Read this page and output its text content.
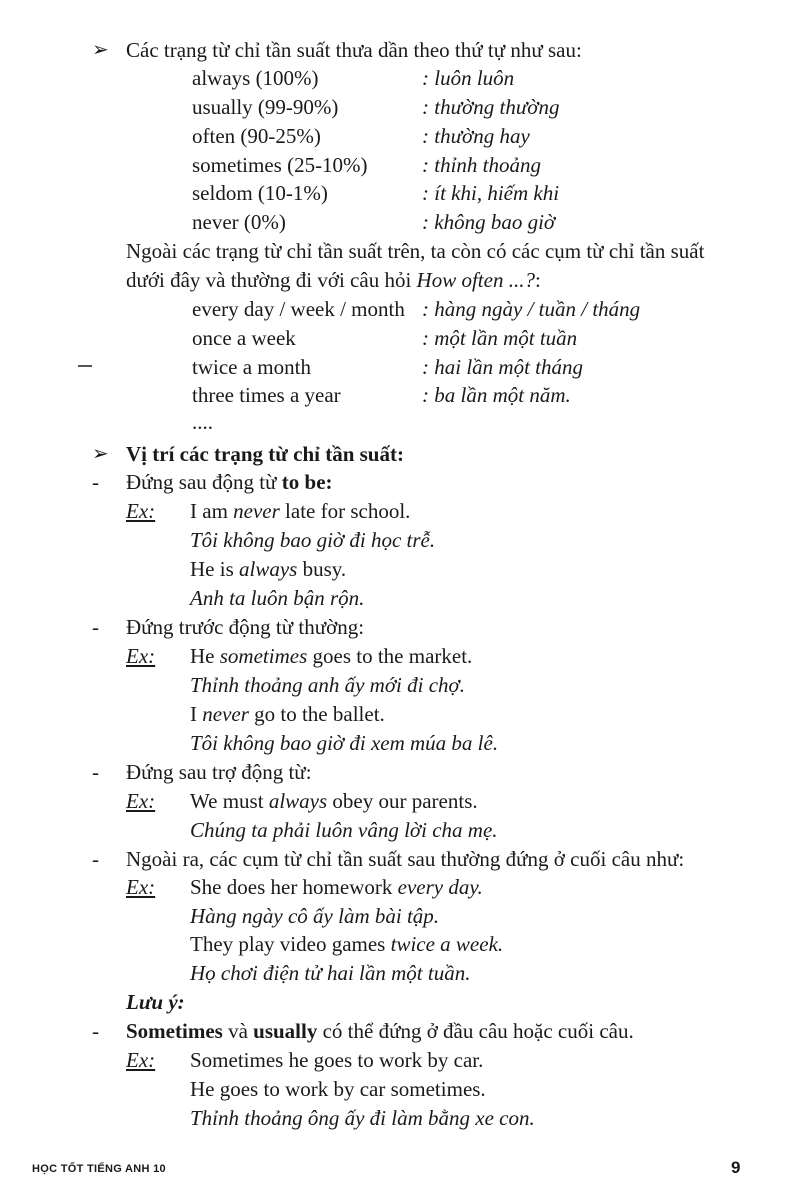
➢ Các trạng từ chỉ tần suất thưa dần theo thứ tự như sau:
always (100%)	: luôn luôn
usually (99-90%)	: thường thường
often (90-25%)	: thường hay
sometimes (25-10%)	: thỉnh thoảng
seldom (10-1%)	: ít khi, hiếm khi
never (0%)	: không bao giờ
Ngoài các trạng từ chỉ tần suất trên, ta còn có các cụm từ chỉ tần suất
dưới đây và thường đi với câu hỏi How often ...?:
every day / week / month : hàng ngày / tuần / tháng
once a week	: một lần một tuần
twice a month	: hai lần một tháng
three times a year	: ba lần một năm.
....
➢ Vị trí các trạng từ chỉ tần suất:
- Đứng sau động từ to be:
Ex: I am never late for school.
Tôi không bao giờ đi học trễ.
He is always busy.
Anh ta luôn bận rộn.
- Đứng trước động từ thường:
Ex: He sometimes goes to the market.
Thỉnh thoảng anh ấy mới đi chợ.
I never go to the ballet.
Tôi không bao giờ đi xem múa ba lê.
- Đứng sau trợ động từ:
Ex: We must always obey our parents.
Chúng ta phải luôn vâng lời cha mẹ.
- Ngoài ra, các cụm từ chỉ tần suất sau thường đứng ở cuối câu như:
Ex: She does her homework every day.
Hàng ngày cô ấy làm bài tập.
They play video games twice a week.
Họ chơi điện tử hai lần một tuần.
Lưu ý:
- Sometimes và usually có thể đứng ở đầu câu hoặc cuối câu.
Ex: Sometimes he goes to work by car.
He goes to work by car sometimes.
Thỉnh thoảng ông ấy đi làm bằng xe con.
HỌC TỐT TIẾNG ANH 10	9
